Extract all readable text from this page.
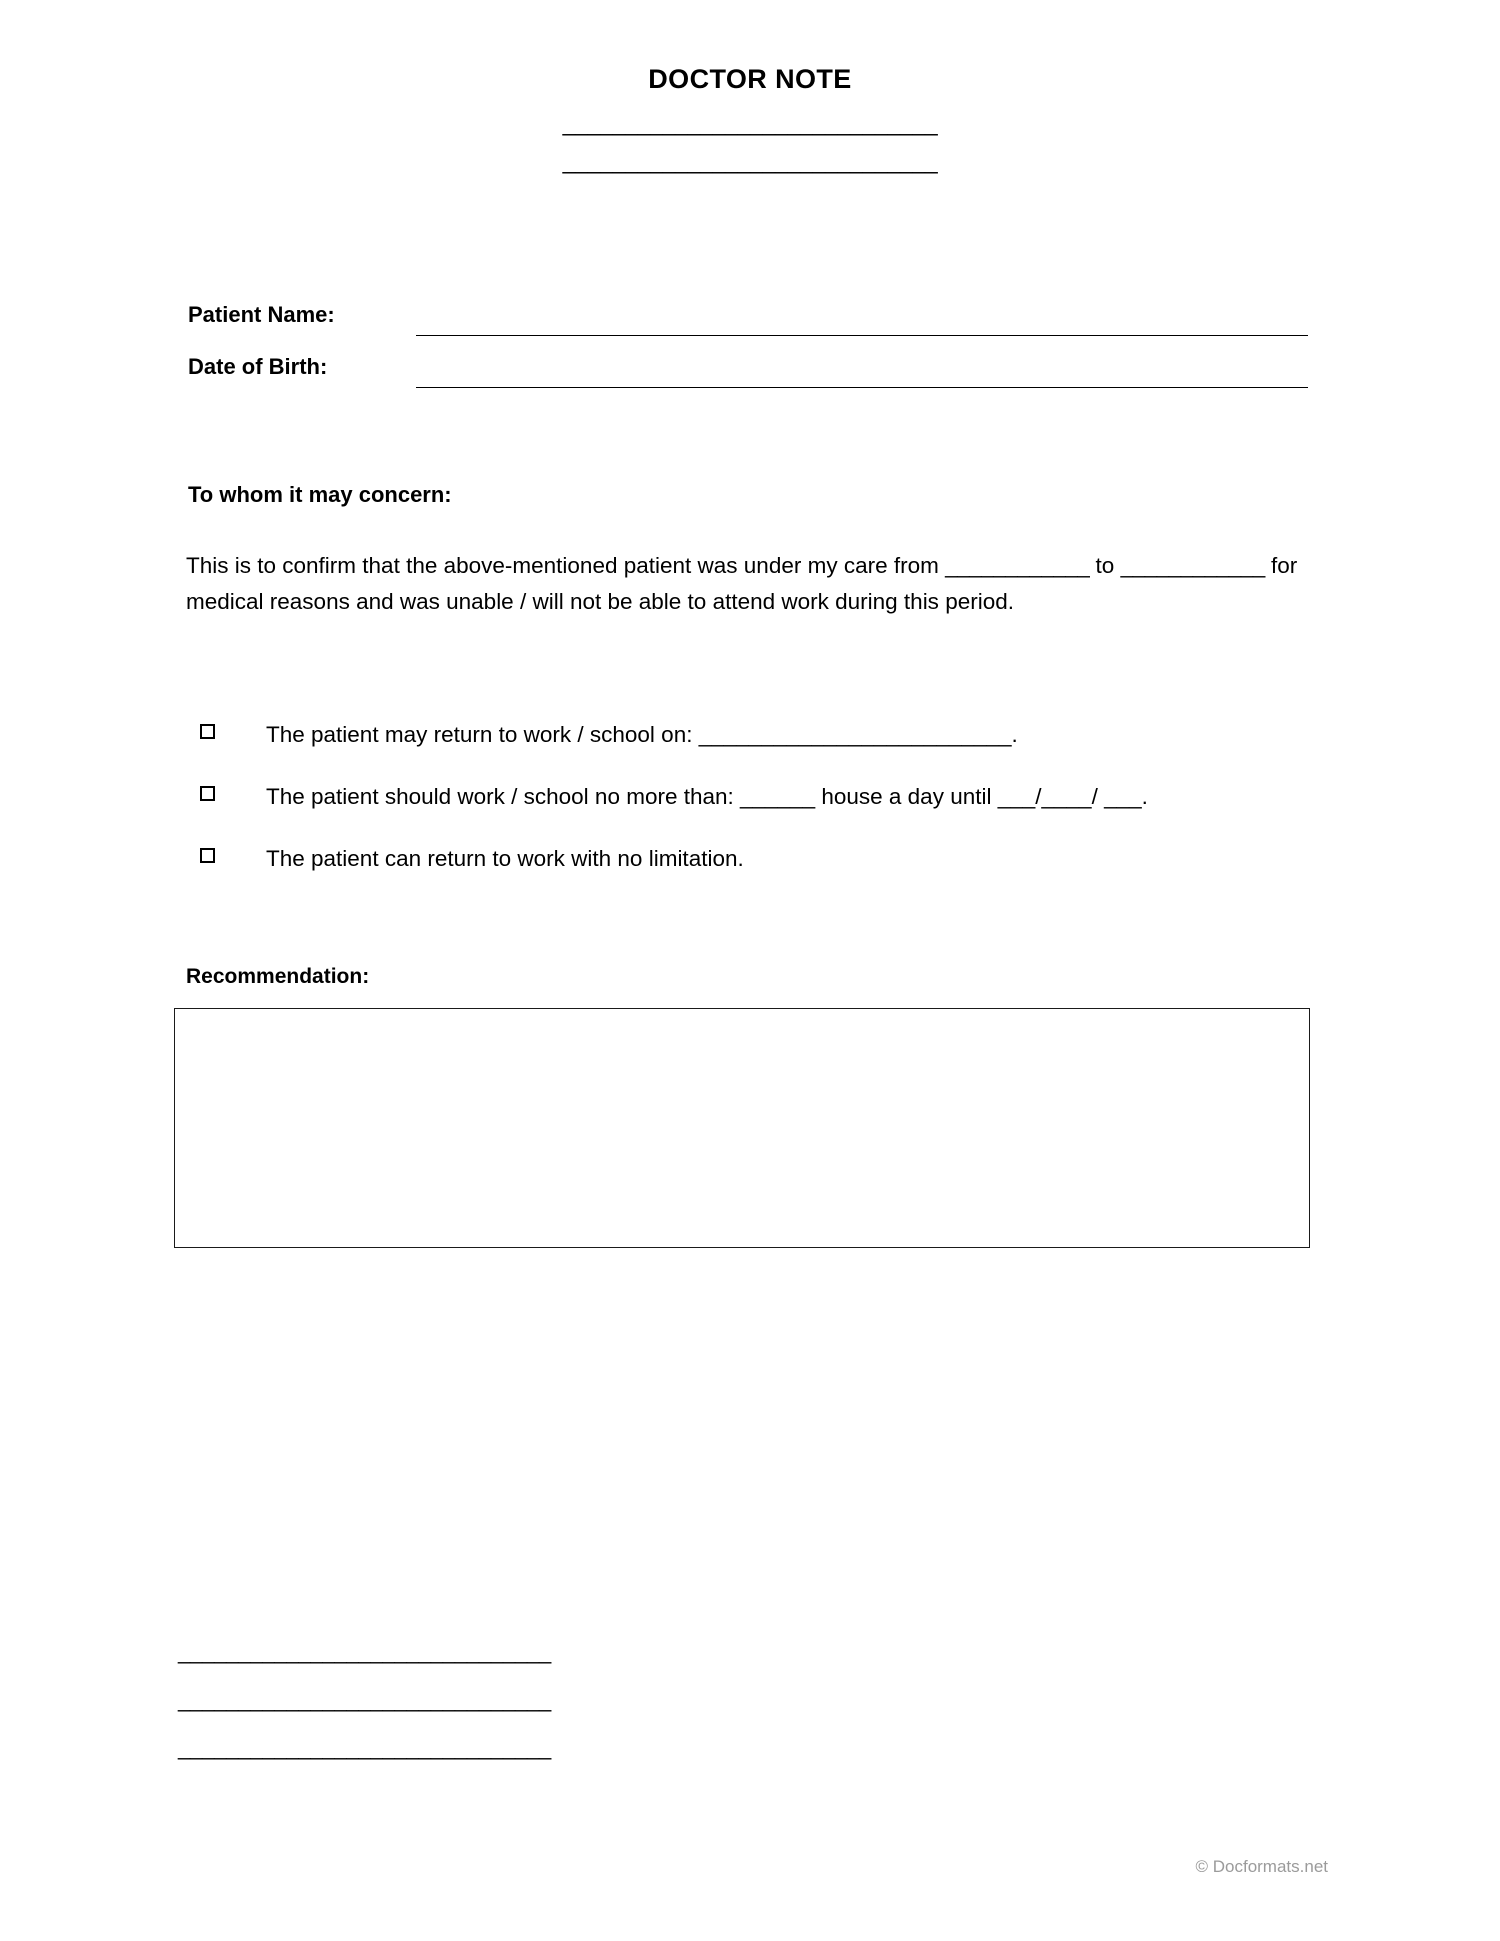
DOCTOR NOTE
______________________________
______________________________
Patient Name:
Date of Birth:
To whom it may concern:
This is to confirm that the above-mentioned patient was under my care from ____________ to ____________ for medical reasons and was unable / will not be able to attend work during this period.
The patient may return to work / school on: _________________________.
The patient should work / school no more than: ______ house a day until ___/____/ ___.
The patient can return to work with no limitation.
Recommendation:
_______________________________
_______________________________
_______________________________
© Docformats.net
